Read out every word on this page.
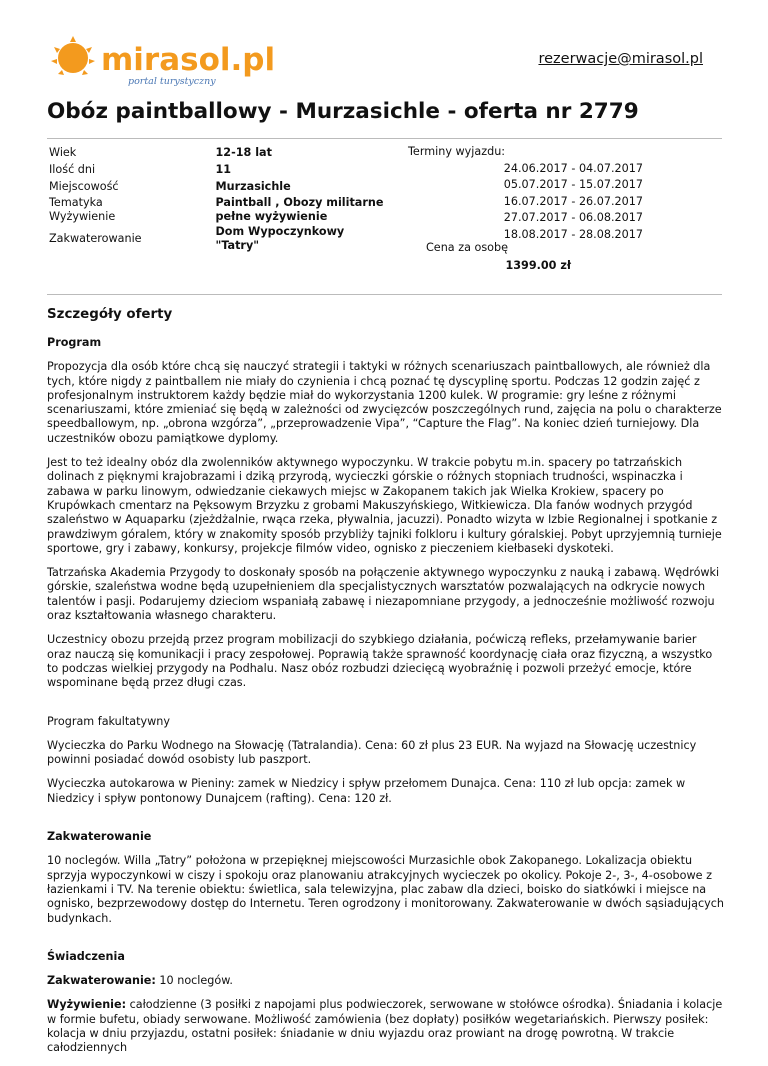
mirasol.pl
portal turystyczny
rezerwacje@mirasol.pl
Obóz paintballowy - Murzasichle - oferta nr 2779
Wiek	12-18 lat
Ilość dni	11
Miejscowość	Murzasichle
Tematyka	Paintball , Obozy militarne
Wyżywienie	pełne wyżywienie
Zakwaterowanie	Dom Wypoczynkowy "Tatry"
Terminy wyjazdu:
24.06.2017 - 04.07.2017
05.07.2017 - 15.07.2017
16.07.2017 - 26.07.2017
27.07.2017 - 06.08.2017
18.08.2017 - 28.08.2017
Cena za osobę
1399.00 zł
Szczegóły oferty
Program

Propozycja dla osób które chcą się nauczyć strategii i taktyki w różnych scenariuszach paintballowych, ale również dla tych, które nigdy z paintballem nie miały do czynienia i chcą poznać tę dyscyplinę sportu. Podczas 12 godzin zajęć z profesjonalnym instruktorem każdy będzie miał do wykorzystania 1200 kulek. W programie: gry leśne z różnymi scenariuszami, które zmieniać się będą w zależności od zwycięzców poszczególnych rund, zajęcia na polu o charakterze speedballowym, np. „obrona wzgórza”, „przeprowadzenie Vipa”, “Capture the Flag”. Na koniec dzień turniejowy. Dla uczestników obozu pamiątkowe dyplomy.

Jest to też idealny obóz dla zwolenników aktywnego wypoczynku. W trakcie pobytu m.in. spacery po tatrzańskich dolinach z pięknymi krajobrazami i dziką przyrodą, wycieczki górskie o różnych stopniach trudności, wspinaczka i zabawa w parku linowym, odwiedzanie ciekawych miejsc w Zakopanem takich jak Wielka Krokiew, spacery po Krupówkach cmentarz na Pęksowym Brzyzku z grobami Makuszyńskiego, Witkiewicza. Dla fanów wodnych przygód szaleństwo w Aquaparku (zjeżdżalnie, rwąca rzeka, pływalnia, jacuzzi). Ponadto wizyta w Izbie Regionalnej i spotkanie z prawdziwym góralem, który w znakomity sposób przybliży tajniki folkloru i kultury góralskiej. Pobyt uprzyjemnią turnieje sportowe, gry i zabawy, konkursy, projekcje filmów video, ognisko z pieczeniem kiełbaseki dyskoteki.

Tatrzańska Akademia Przygody to doskonały sposób na połączenie aktywnego wypoczynku z nauką i zabawą. Wędrówki górskie, szaleństwa wodne będą uzupełnieniem dla specjalistycznych warsztatów pozwalających na odkrycie nowych talentów i pasji. Podarujemy dzieciom wspaniałą zabawę i niezapomniane przygody, a jednocześnie możliwość rozwoju oraz kształtowania własnego charakteru.

Uczestnicy obozu przejdą przez program mobilizacji do szybkiego działania, poćwiczą refleks, przełamywanie barier oraz nauczą się komunikacji i pracy zespołowej. Poprawią także sprawność koordynację ciała oraz fizyczną, a wszystko to podczas wielkiej przygody na Podhalu. Nasz obóz rozbudzi dziecięcą wyobraźnię i pozwoli przeżyć emocje, które wspominane będą przez długi czas.

Program fakultatywny

Wycieczka do Parku Wodnego na Słowację (Tatralandia). Cena: 60 zł plus 23 EUR. Na wyjazd na Słowację uczestnicy powinni posiadać dowód osobisty lub paszport.

Wycieczka autokarowa w Pieniny: zamek w Niedzicy i spływ przełomem Dunajca. Cena: 110 zł lub opcja: zamek w Niedzicy i spływ pontonowy Dunajcem (rafting). Cena: 120 zł.

Zakwaterowanie

10 noclegów. Willa „Tatry” położona w przepięknej miejscowości Murzasichle obok Zakopanego. Lokalizacja obiektu sprzyja wypoczynkowi w ciszy i spokoju oraz planowaniu atrakcyjnych wycieczek po okolicy. Pokoje 2-, 3-, 4-osobowe z łazienkami i TV. Na terenie obiektu: świetlica, sala telewizyjna, plac zabaw dla dzieci, boisko do siatkówki i miejsce na ognisko, bezprzewodowy dostęp do Internetu. Teren ogrodzony i monitorowany. Zakwaterowanie w dwóch sąsiadujących budynkach.

Świadczenia

Zakwaterowanie: 10 noclegów.

Wyżywienie: całodzienne (3 posiłki z napojami plus podwieczorek, serwowane w stołówce ośrodka). Śniadania i kolacje w formie bufetu, obiady serwowane. Możliwość zamówienia (bez dopłaty) posiłków wegetariańskich. Pierwszy posiłek: kolacja w dniu przyjazdu, ostatni posiłek: śniadanie w dniu wyjazdu oraz prowiant na drogę powrotną. W trakcie całodziennych
